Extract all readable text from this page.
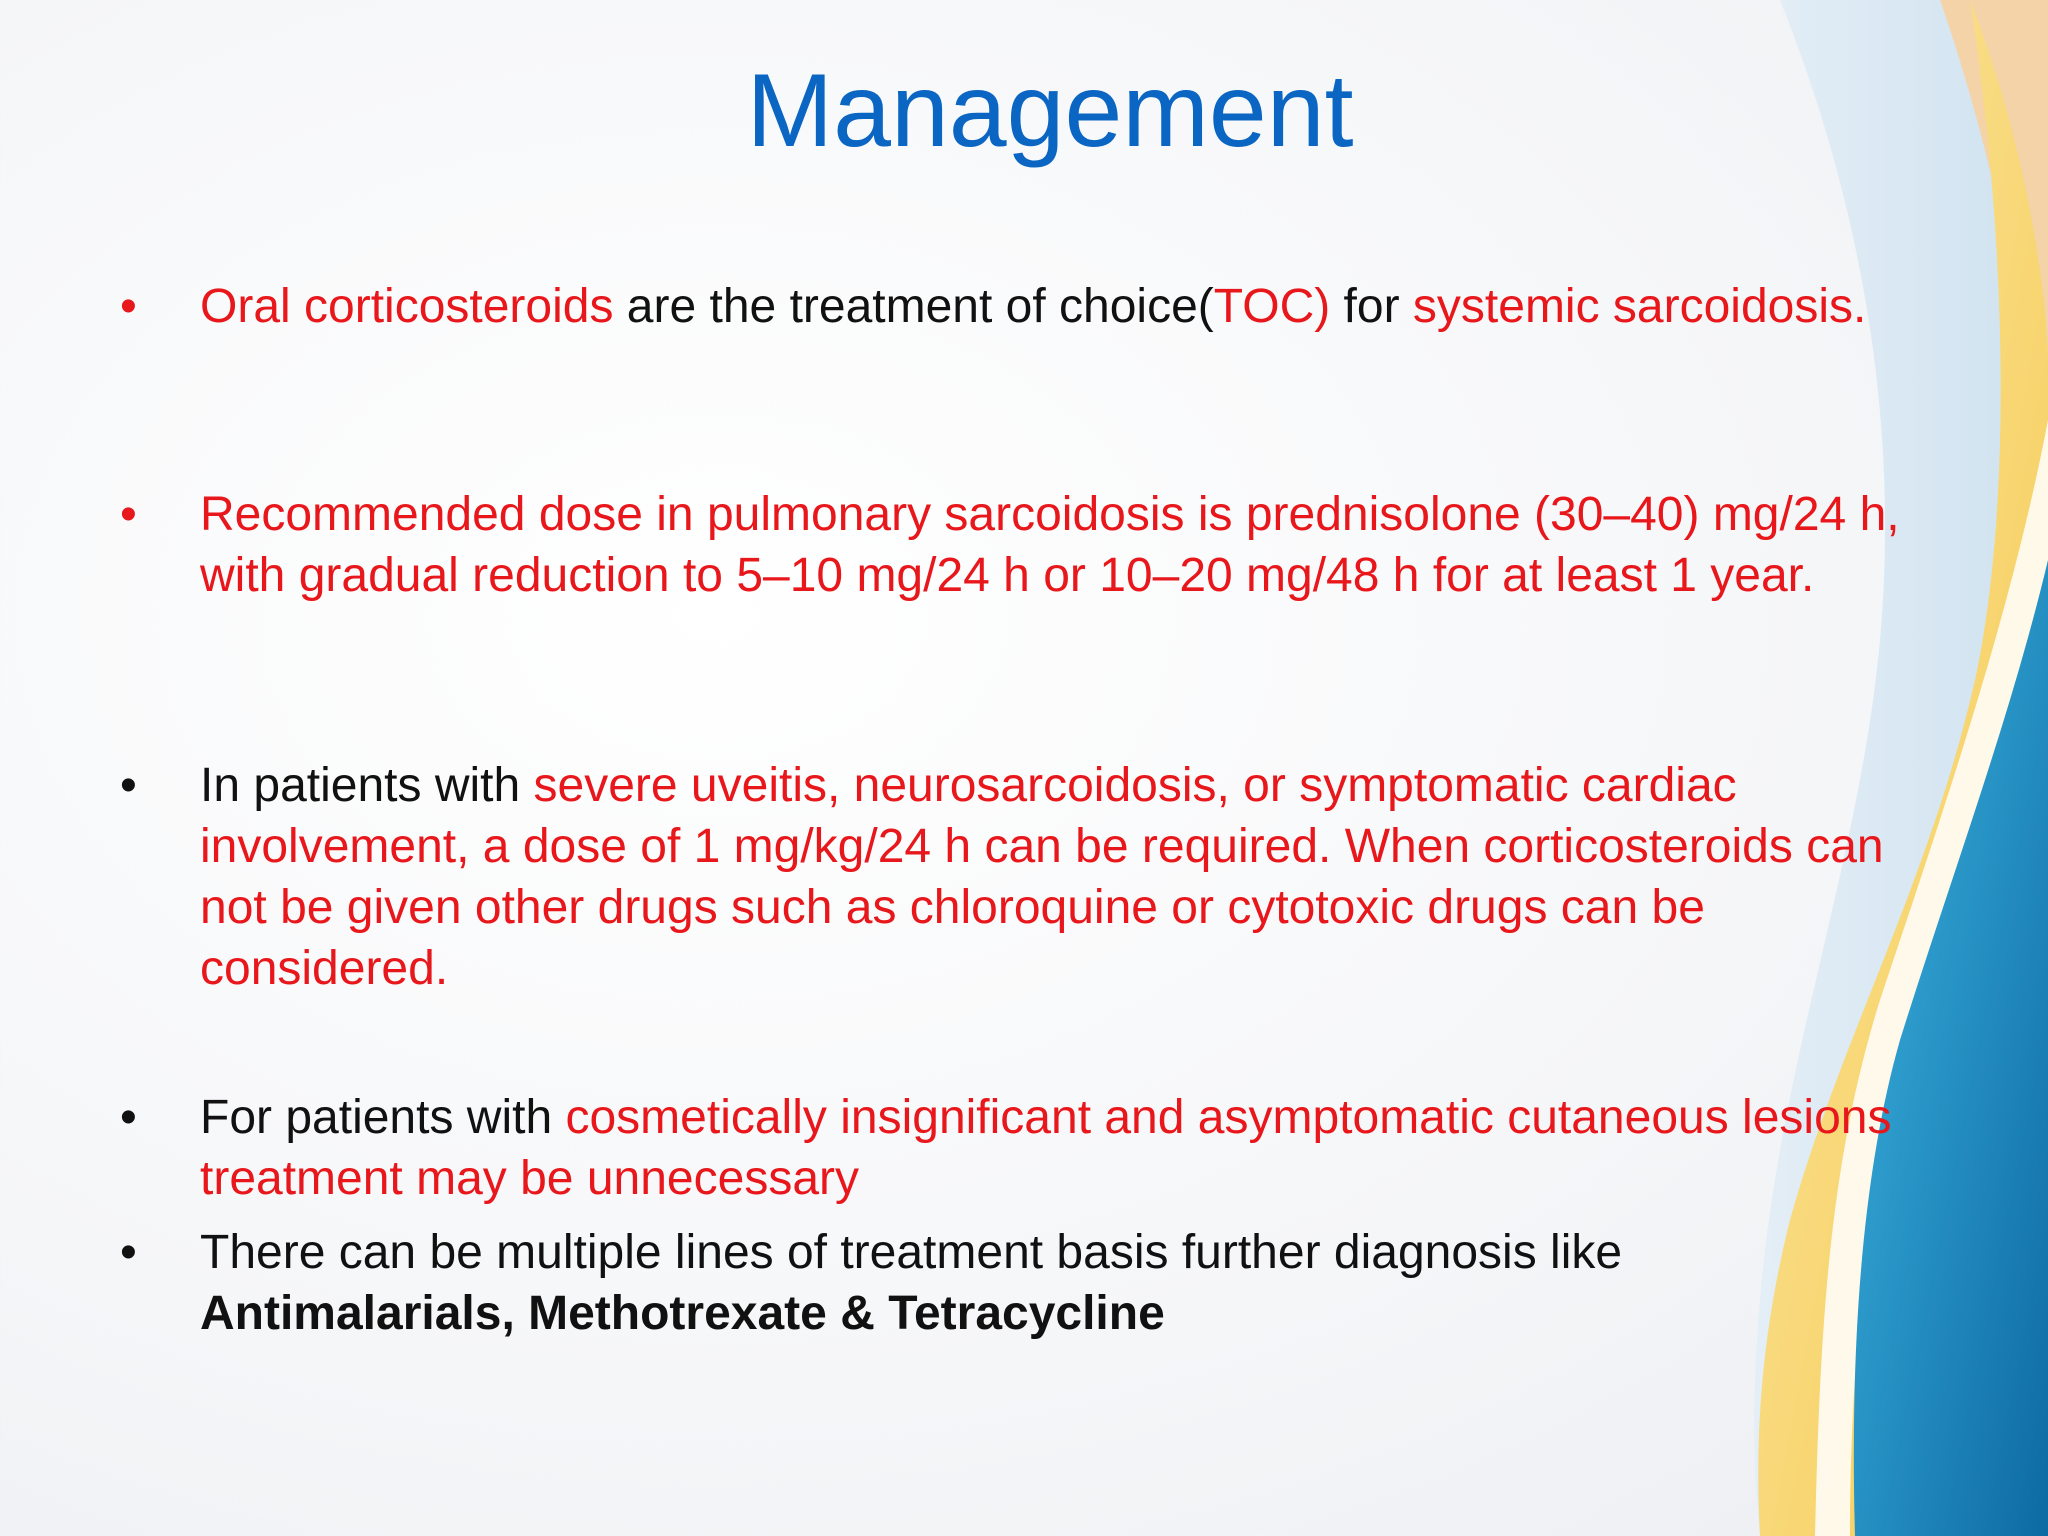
Management
• Oral corticosteroids are the treatment of choice(TOC) for systemic sarcoidosis.
• Recommended dose in pulmonary sarcoidosis is prednisolone (30–40) mg/24 h, with gradual reduction to 5–10 mg/24 h or 10–20 mg/48 h for at least 1 year.
• In patients with severe uveitis, neurosarcoidosis, or symptomatic cardiac involvement, a dose of 1 mg/kg/24 h can be required. When corticosteroids can not be given other drugs such as chloroquine or cytotoxic drugs can be considered.
• For patients with cosmetically insignificant and asymptomatic cutaneous lesions treatment may be unnecessary
• There can be multiple lines of treatment basis further diagnosis like Antimalarials, Methotrexate & Tetracycline
